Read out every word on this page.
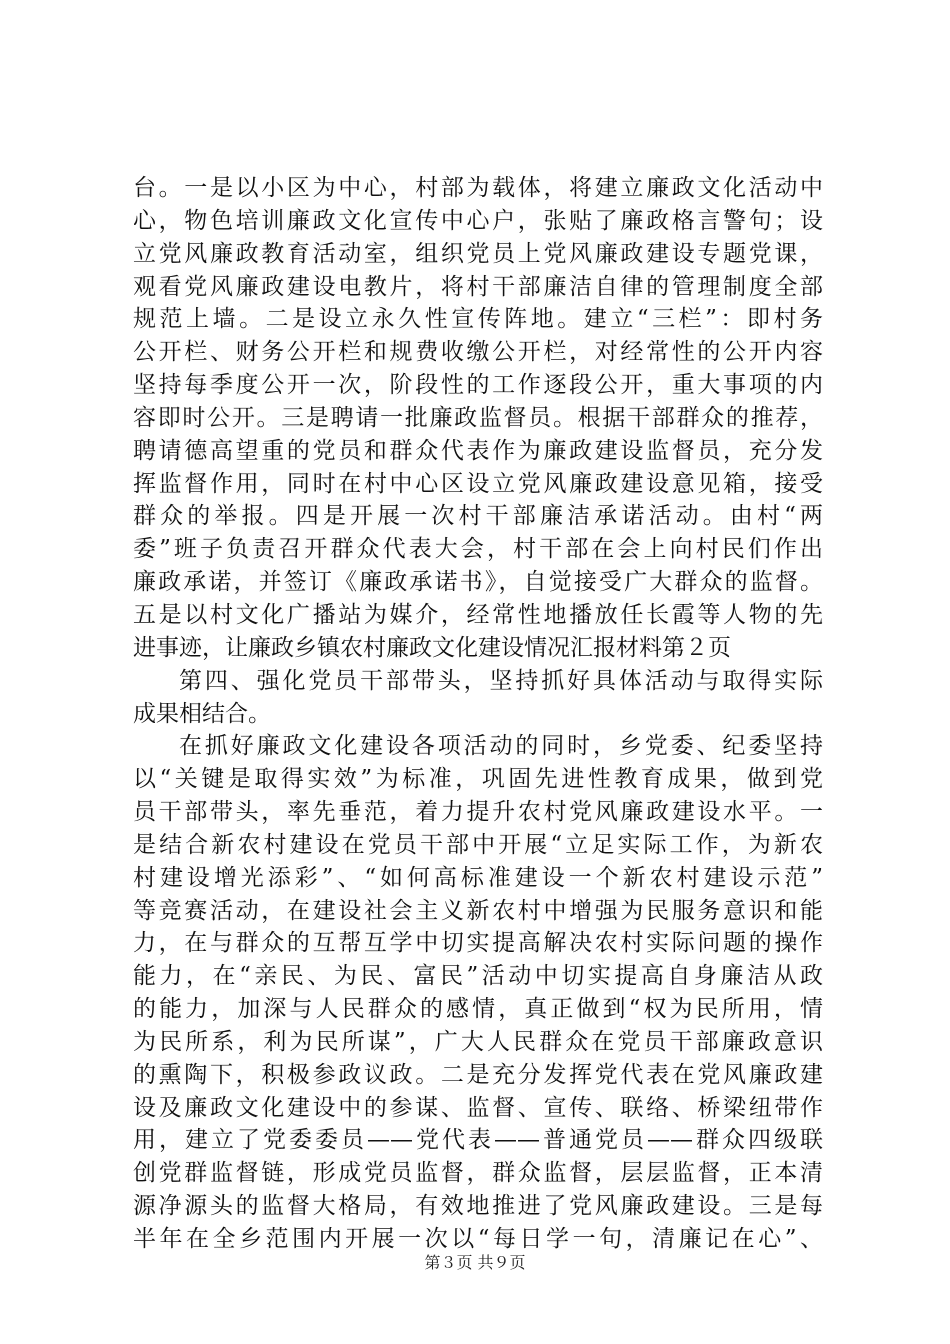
台。一是以小区为中心，村部为载体，将建立廉政文化活动中
心，物色培训廉政文化宣传中心户，张贴了廉政格言警句；设
立党风廉政教育活动室，组织党员上党风廉政建设专题党课，
观看党风廉政建设电教片，将村干部廉洁自律的管理制度全部
规范上墙。二是设立永久性宣传阵地。建立“三栏”：即村务
公开栏、财务公开栏和规费收缴公开栏，对经常性的公开内容
坚持每季度公开一次，阶段性的工作逐段公开，重大事项的内
容即时公开。三是聘请一批廉政监督员。根据干部群众的推荐，
聘请德高望重的党员和群众代表作为廉政建设监督员，充分发
挥监督作用，同时在村中心区设立党风廉政建设意见箱，接受
群众的举报。四是开展一次村干部廉洁承诺活动。由村“两
委”班子负责召开群众代表大会，村干部在会上向村民们作出
廉政承诺，并签订《廉政承诺书》，自觉接受广大群众的监督。
五是以村文化广播站为媒介，经常性地播放任长霞等人物的先
进事迹，让廉政乡镇农村廉政文化建设情况汇报材料第２页
第四、强化党员干部带头，坚持抓好具体活动与取得实际
成果相结合。
在抓好廉政文化建设各项活动的同时，乡党委、纪委坚持
以“关键是取得实效”为标准，巩固先进性教育成果，做到党
员干部带头，率先垂范，着力提升农村党风廉政建设水平。一
是结合新农村建设在党员干部中开展“立足实际工作，为新农
村建设增光添彩”、“如何高标准建设一个新农村建设示范”
等竞赛活动，在建设社会主义新农村中增强为民服务意识和能
力，在与群众的互帮互学中切实提高解决农村实际问题的操作
能力，在“亲民、为民、富民”活动中切实提高自身廉洁从政
的能力，加深与人民群众的感情，真正做到“权为民所用，情
为民所系，利为民所谋”，广大人民群众在党员干部廉政意识
的熏陶下，积极参政议政。二是充分发挥党代表在党风廉政建
设及廉政文化建设中的参谋、监督、宣传、联络、桥梁纽带作
用，建立了党委委员——党代表——普通党员——群众四级联
创党群监督链，形成党员监督，群众监督，层层监督，正本清
源净源头的监督大格局，有效地推进了党风廉政建设。三是每
半年在全乡范围内开展一次以“每日学一句，清廉记在心”、
第３页 共９页
